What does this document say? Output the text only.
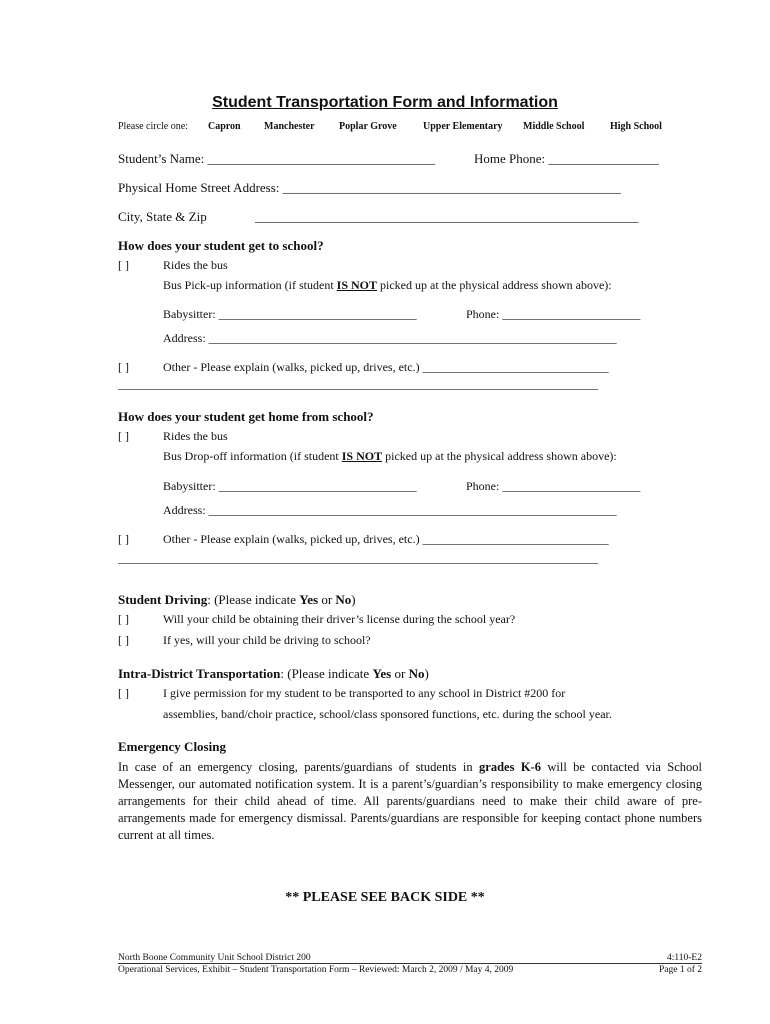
Student Transportation Form and Information
Please circle one: Capron Manchester Poplar Grove	Upper Elementary Middle School	High School
Student’s Name: ___________________________________	Home Phone: _________________
Physical Home Street Address: ____________________________________________________
City, State & Zip	___________________________________________________________
How does your student get to school?
[ ]	Rides the bus
Bus Pick-up information (if student IS NOT picked up at the physical address shown above):
Babysitter: _________________________________	Phone: _______________________
Address: ____________________________________________________________________
[ ]	Other - Please explain (walks, picked up, drives, etc.) _______________________________
________________________________________________________________________________
How does your student get home from school?
[ ]	Rides the bus
Bus Drop-off information (if student IS NOT picked up at the physical address shown above):
Babysitter: _________________________________	Phone: _______________________
Address: ____________________________________________________________________
[ ]	Other - Please explain (walks, picked up, drives, etc.) _______________________________
________________________________________________________________________________
Student Driving: (Please indicate Yes or No)
[ ]	Will your child be obtaining their driver’s license during the school year?
[ ]	If yes, will your child be driving to school?
Intra-District Transportation: (Please indicate Yes or No)
[ ]	I give permission for my student to be transported to any school in District #200 for
assemblies, band/choir practice, school/class sponsored functions, etc. during the school year.
Emergency Closing
In case of an emergency closing, parents/guardians of students in grades K-6 will be contacted via School Messenger, our automated notification system. It is a parent’s/guardian’s responsibility to make emergency closing arrangements for their child ahead of time. All parents/guardians need to make their child aware of pre-arrangements made for emergency dismissal. Parents/guardians are responsible for keeping contact phone numbers current at all times.
** PLEASE SEE BACK SIDE **
North Boone Community Unit School District 200
Operational Services, Exhibit – Student Transportation Form – Reviewed: March 2, 2009 / May 4, 2009
4:110-E2
Page 1 of 2
